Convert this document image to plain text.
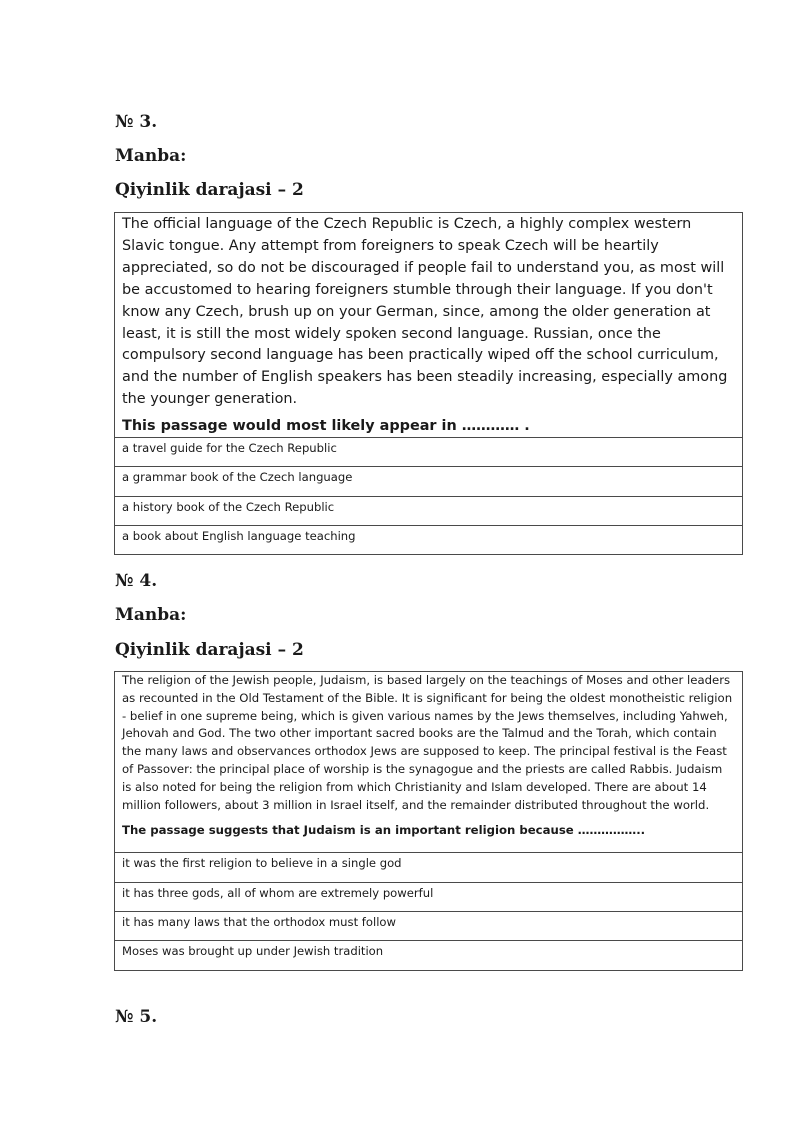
№ 3.

Manba:

Qiyinlik darajasi – 2

The official language of the Czech Republic is Czech, a highly complex western Slavic tongue. Any attempt from foreigners to speak Czech will be heartily appreciated, so do not be discouraged if people fail to understand you, as most will be accustomed to hearing foreigners stumble through their language. If you don't know any Czech, brush up on your German, since, among the older generation at least, it is still the most widely spoken second language. Russian, once the compulsory second language has been practically wiped off the school curriculum, and the number of English speakers has been steadily increasing, especially among the younger generation.

This passage would most likely appear in ………… .

a travel guide for the Czech Republic
a grammar book of the Czech language
a history book of the Czech Republic
a book about English language teaching

№ 4.

Manba:

Qiyinlik darajasi – 2

The religion of the Jewish people, Judaism, is based largely on the teachings of Moses and other leaders as recounted in the Old Testament of the Bible. It is significant for being the oldest monotheistic religion - belief in one supreme being, which is given various names by the Jews themselves, including Yahweh, Jehovah and God. The two other important sacred books are the Talmud and the Torah, which contain the many laws and observances orthodox Jews are supposed to keep. The principal festival is the Feast of Passover: the principal place of worship is the synagogue and the priests are called Rabbis. Judaism is also noted for being the religion from which Christianity and Islam developed. There are about 14 million followers, about 3 million in Israel itself, and the remainder distributed throughout the world.

The passage suggests that Judaism is an important religion because ……………..

it was the first religion to believe in a single god
it has three gods, all of whom are extremely powerful
it has many laws that the orthodox must follow
Moses was brought up under Jewish tradition

№ 5.
